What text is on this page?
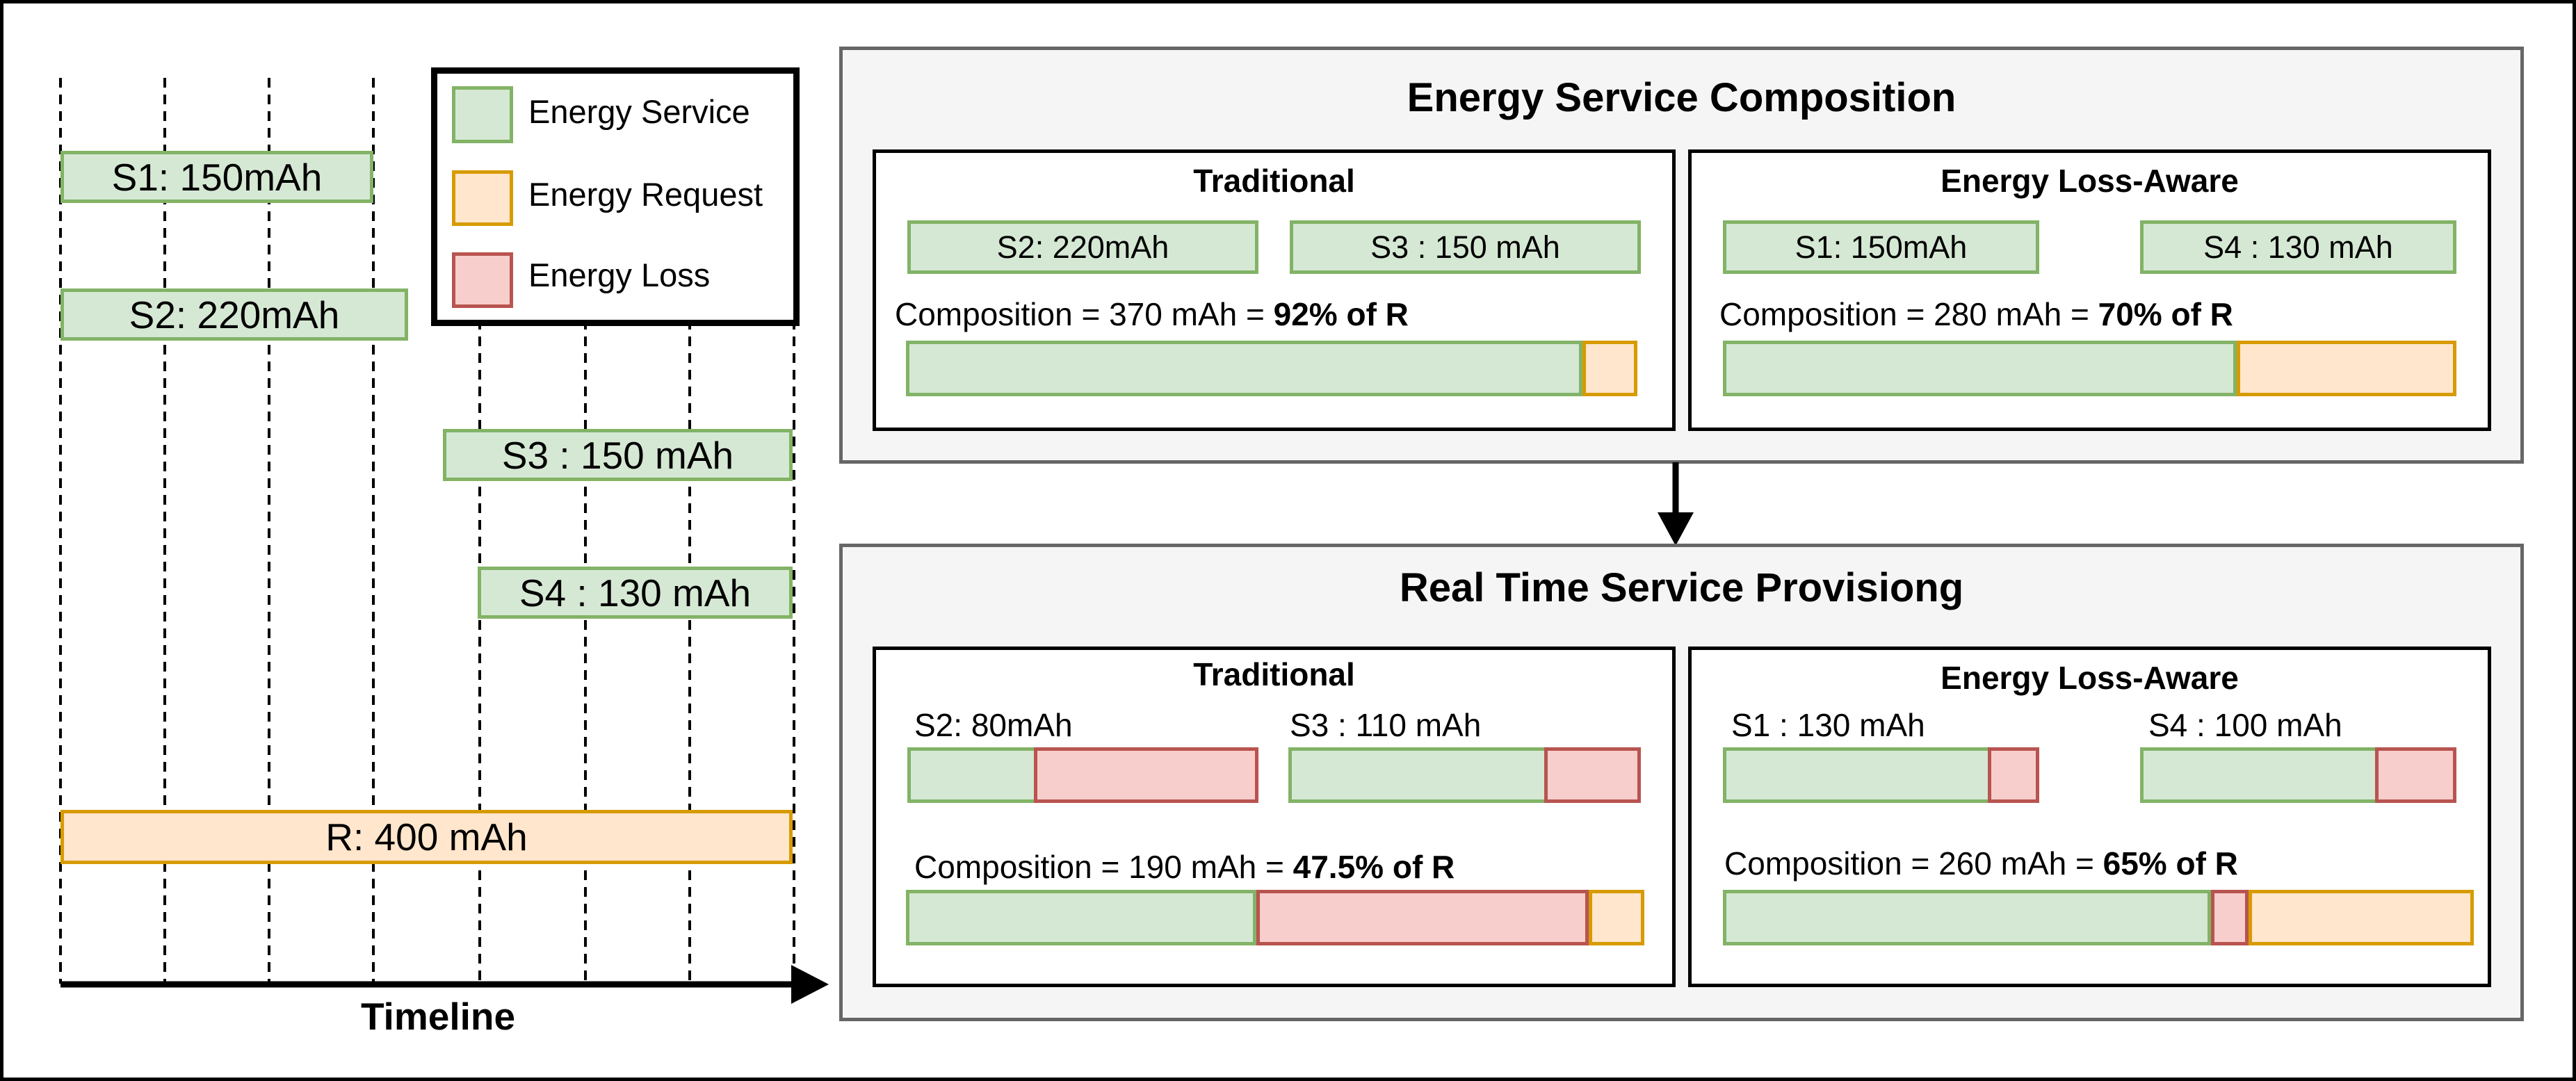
S1: 150mAh
S2: 220mAh
S3 : 150 mAh
S4 : 130 mAh
R: 400 mAh
Timeline
Energy Service
Energy Request
Energy Loss
Energy Service Composition
Traditional
S2: 220mAh	S3 : 150 mAh
Composition = 370 mAh = 92% of R
Energy Loss-Aware
S1: 150mAh	S4 : 130 mAh
Composition = 280 mAh = 70% of R
Real Time Service Provisiong
Traditional
S2: 80mAh	S3 : 110 mAh
Composition = 190 mAh = 47.5% of R
Energy Loss-Aware
S1 : 130 mAh	S4 : 100 mAh
Composition = 260 mAh = 65% of R
